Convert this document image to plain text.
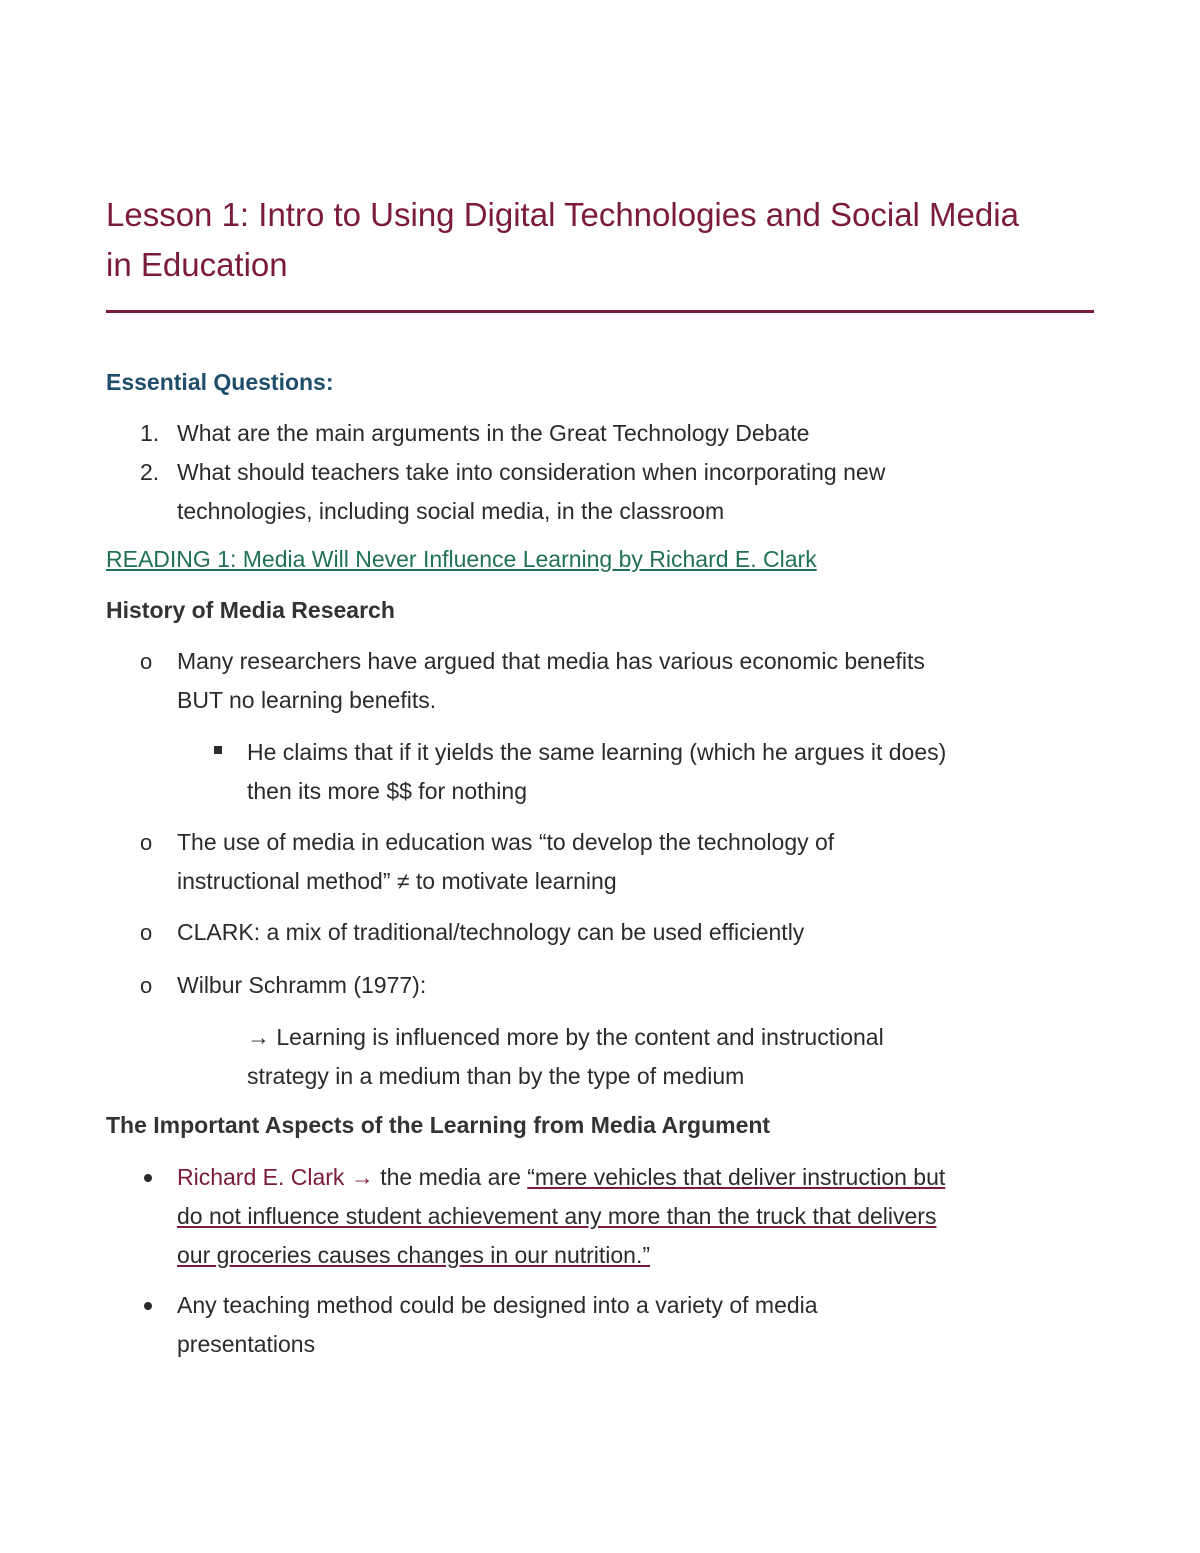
Lesson 1: Intro to Using Digital Technologies and Social Media
in Education
Essential Questions:
1. What are the main arguments in the Great Technology Debate
2. What should teachers take into consideration when incorporating new
technologies, including social media, in the classroom
READING 1: Media Will Never Influence Learning by Richard E. Clark
History of Media Research
o Many researchers have argued that media has various economic benefits
BUT no learning benefits.
He claims that if it yields the same learning (which he argues it does)
then its more $$ for nothing
o The use of media in education was “to develop the technology of
instructional method” ≠ to motivate learning
o CLARK: a mix of traditional/technology can be used efficiently
o Wilbur Schramm (1977):
→ Learning is influenced more by the content and instructional
strategy in a medium than by the type of medium
The Important Aspects of the Learning from Media Argument
Richard E. Clark → the media are “mere vehicles that deliver instruction but
do not influence student achievement any more than the truck that delivers
our groceries causes changes in our nutrition.”
Any teaching method could be designed into a variety of media
presentations
